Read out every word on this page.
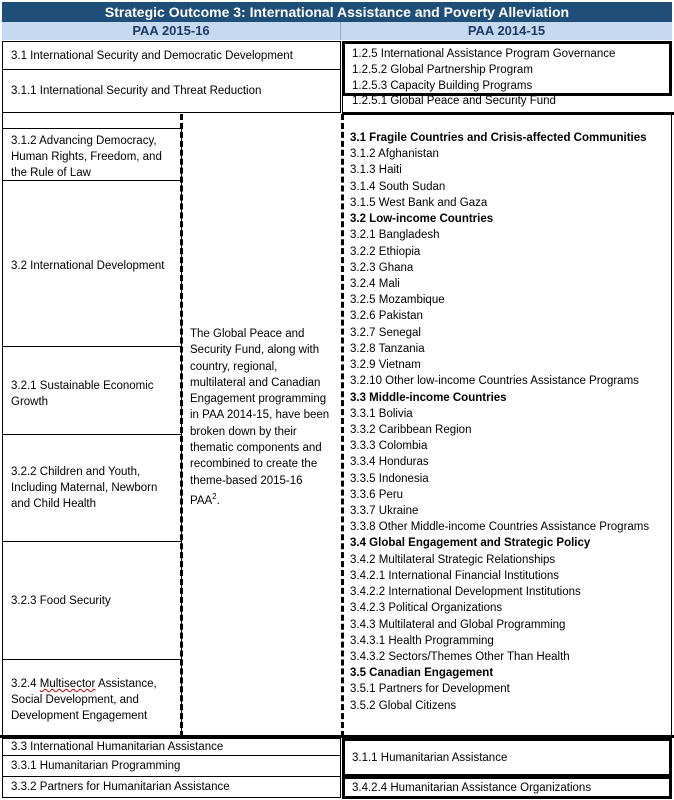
Strategic Outcome 3: International Assistance and Poverty Alleviation
PAA 2015-16	PAA 2014-15
3.1 International Security and Democratic Development
3.1.1 International Security and Threat Reduction
1.2.5 International Assistance Program Governance
1.2.5.2 Global Partnership Program
1.2.5.3 Capacity Building Programs
1.2.5.1 Global Peace and Security Fund
3.1.2 Advancing Democracy, Human Rights, Freedom, and the Rule of Law
3.2 International Development
3.2.1 Sustainable Economic Growth
3.2.2 Children and Youth, Including Maternal, Newborn and Child Health
3.2.3 Food Security
3.2.4 Multisector Assistance, Social Development, and Development Engagement
The Global Peace and Security Fund, along with country, regional, multilateral and Canadian Engagement programming in PAA 2014-15, have been broken down by their thematic components and recombined to create the theme-based 2015-16 PAA$^2$.
3.1 Fragile Countries and Crisis-affected Communities
3.1.2 Afghanistan
3.1.3 Haiti
3.1.4 South Sudan
3.1.5 West Bank and Gaza
3.2 Low-income Countries
3.2.1 Bangladesh
3.2.2 Ethiopia
3.2.3 Ghana
3.2.4 Mali
3.2.5 Mozambique
3.2.6 Pakistan
3.2.7 Senegal
3.2.8 Tanzania
3.2.9 Vietnam
3.2.10 Other low-income Countries Assistance Programs
3.3 Middle-income Countries
3.3.1 Bolivia
3.3.2 Caribbean Region
3.3.3 Colombia
3.3.4 Honduras
3.3.5 Indonesia
3.3.6 Peru
3.3.7 Ukraine
3.3.8 Other Middle-income Countries Assistance Programs
3.4 Global Engagement and Strategic Policy
3.4.2 Multilateral Strategic Relationships
3.4.2.1 International Financial Institutions
3.4.2.2 International Development Institutions
3.4.2.3 Political Organizations
3.4.3 Multilateral and Global Programming
3.4.3.1 Health Programming
3.4.3.2 Sectors/Themes Other Than Health
3.5 Canadian Engagement
3.5.1 Partners for Development
3.5.2 Global Citizens
3.3 International Humanitarian Assistance
3.3.1 Humanitarian Programming
3.3.2 Partners for Humanitarian Assistance
3.1.1 Humanitarian Assistance
3.4.2.4 Humanitarian Assistance Organizations
